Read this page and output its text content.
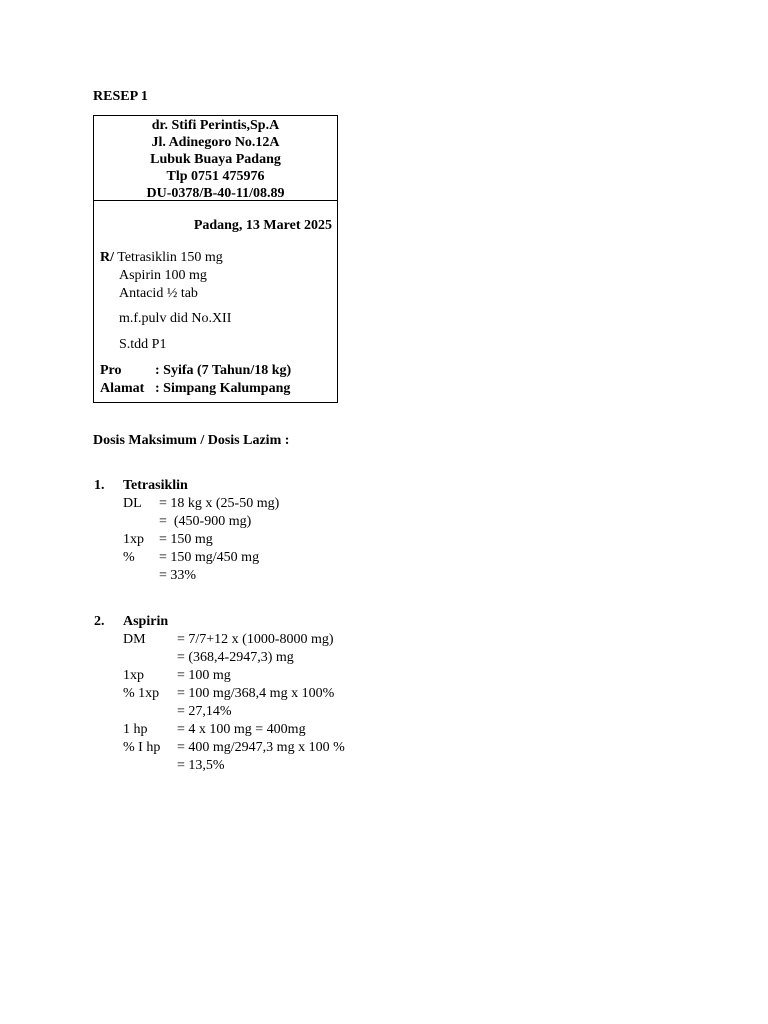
RESEP 1
dr. Stifi Perintis,Sp.A
Jl. Adinegoro No.12A
Lubuk Buaya Padang
Tlp 0751 475976
DU-0378/B-40-11/08.89
Padang, 13 Maret 2025
R/ Tetrasiklin 150 mg
Aspirin 100 mg
Antacid ½ tab
m.f.pulv did No.XII
S.tdd P1
Pro	: Syifa (7 Tahun/18 kg)
Alamat : Simpang Kalumpang
Dosis Maksimum / Dosis Lazim :
1.	Tetrasiklin
DL	= 18 kg x (25-50 mg)
=  (450-900 mg)
1xp	= 150 mg
%	= 150 mg/450 mg
= 33%
2.	Aspirin
DM	= 7/7+12 x (1000-8000 mg)
= (368,4-2947,3) mg
1xp	= 100 mg
% 1xp	= 100 mg/368,4 mg x 100%
= 27,14%
1 hp	= 4 x 100 mg = 400mg
% I hp	= 400 mg/2947,3 mg x 100 %
= 13,5%
